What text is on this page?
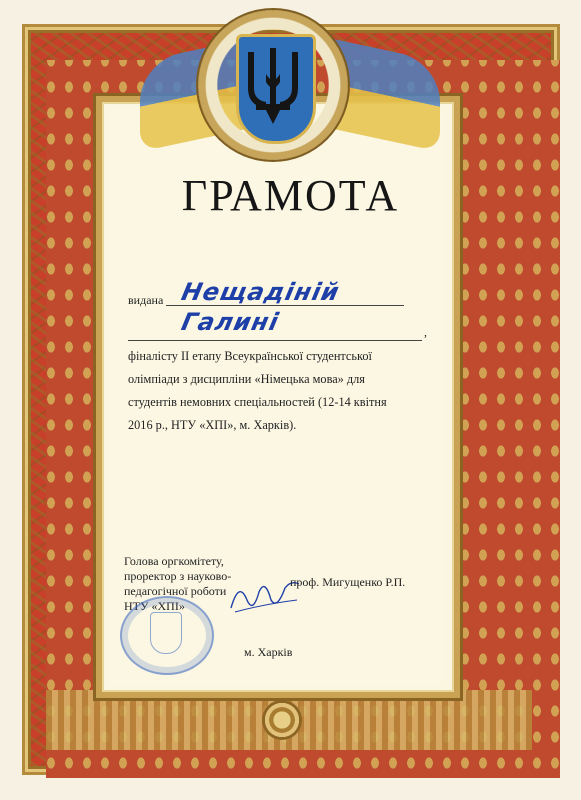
ГРАМОТА
видана Нещадіній
,
Галині
фіналісту ІІ етапу Всеукраїнської студентської
олімпіади з дисципліни «Німецька мова» для
студентів немовних спеціальностей (12-14 квітня
2016 р., НТУ «ХПІ», м. Харків).
Голова оргкомітету,
проректор з науково-
педагогічної роботи
НТУ «ХПІ»
проф. Мигущенко Р.П.
м. Харків
